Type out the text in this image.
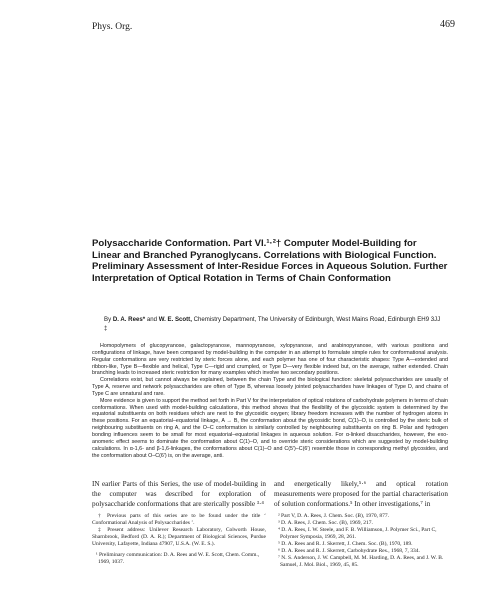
Phys. Org.	469
Polysaccharide Conformation. Part VI.¹·²† Computer Model-Building for Linear and Branched Pyranoglycans. Correlations with Biological Function. Preliminary Assessment of Inter-Residue Forces in Aqueous Solution. Further Interpretation of Optical Rotation in Terms of Chain Conformation
By D. A. Rees* and W. E. Scott, Chemistry Department, The University of Edinburgh, West Mains Road, Edinburgh EH9 3JJ ‡

Homopolymers of glucopyranose, galactopyranose, mannopyranose, xylopyranose, and arabinopyranose, with various positions and configurations of linkage, have been compared by model-building in the computer in an attempt to formulate simple rules for conformational analysis. Regular conformations are very restricted by steric forces alone, and each polymer has one of four characteristic shapes: Type A—extended and ribbon-like, Type B—flexible and helical, Type C—rigid and crumpled, or Type D—very flexible indeed but, on the average, rather extended. Chain branching leads to increased steric restriction for many examples which involve two secondary positions.

Correlations exist, but cannot always be explained, between the chain Type and the biological function: skeletal polysaccharides are usually of Type A, reserve and network polysaccharides are often of Type B, whereas loosely jointed polysaccharides have linkages of Type D, and chains of Type C are unnatural and rare.

More evidence is given to support the method set forth in Part V for the interpretation of optical rotations of carbohydrate polymers in terms of chain conformations. When used with model-building calculations, this method shows that the flexibility of the glycosidic system is determined by the equatorial substituents on both residues which are next to the glycosidic oxygen; library freedom increases with the number of hydrogen atoms in these positions. For an equatorial–equatorial linkage, A → B, the conformation about the glycosidic bond, C(1)–O, is controlled by the steric bulk of neighbouring substituents on ring A, and the O–C conformation is similarly controlled by neighbouring substituents on ring B. Polar and hydrogen bonding influences seem to be small for most equatorial–equatorial linkages in aqueous solution. For α-linked disaccharides, however, the exo-anomeric effect seems to dominate the conformation about C(1)–O, and to override steric considerations which are suggested by model-building calculations. In α-1,6- and β-1,6-linkages, the conformations about C(1)–O and C(5′)–C(6′) resemble those in corresponding methyl glycosides, and the conformation about O–C(6′) is, on the average, anti.

IN earlier Parts of this Series, the use of model-building in the computer was described for exploration of polysaccharide conformations that are sterically possible ³·⁴

† Previous parts of this series are to be found under the title ‘ Conformational Analysis of Polysaccharides ’.

‡ Present address: Unilever Research Laboratory, Colworth House, Sharnbrook, Bedford (D. A. R.); Department of Biological Sciences, Purdue University, Lafayette, Indiana 47907, U.S.A. (W. E. S.).

¹ Preliminary communication: D. A. Rees and W. E. Scott, Chem. Comm., 1969, 1037.

and energetically likely,⁵·⁶ and optical rotation measurements were proposed for the partial characterisation of solution conformations.⁵ In other investigations,⁷ in

² Part V, D. A. Rees, J. Chem. Soc. (B), 1970, 877.

³ D. A. Rees, J. Chem. Soc. (B), 1969, 217.

⁴ D. A. Rees, I. W. Steele, and F. B. Williamson, J. Polymer Sci., Part C, Polymer Symposia, 1969, 28, 261.

⁵ D. A. Rees and R. J. Skerrett, J. Chem. Soc. (B), 1970, 189.

⁶ D. A. Rees and R. J. Skerrett, Carbohydrate Res., 1968, 7, 334.

⁷ N. S. Anderson, J. W. Campbell, M. M. Harding, D. A. Rees, and J. W. B. Samuel, J. Mol. Biol., 1969, 45, 85.
